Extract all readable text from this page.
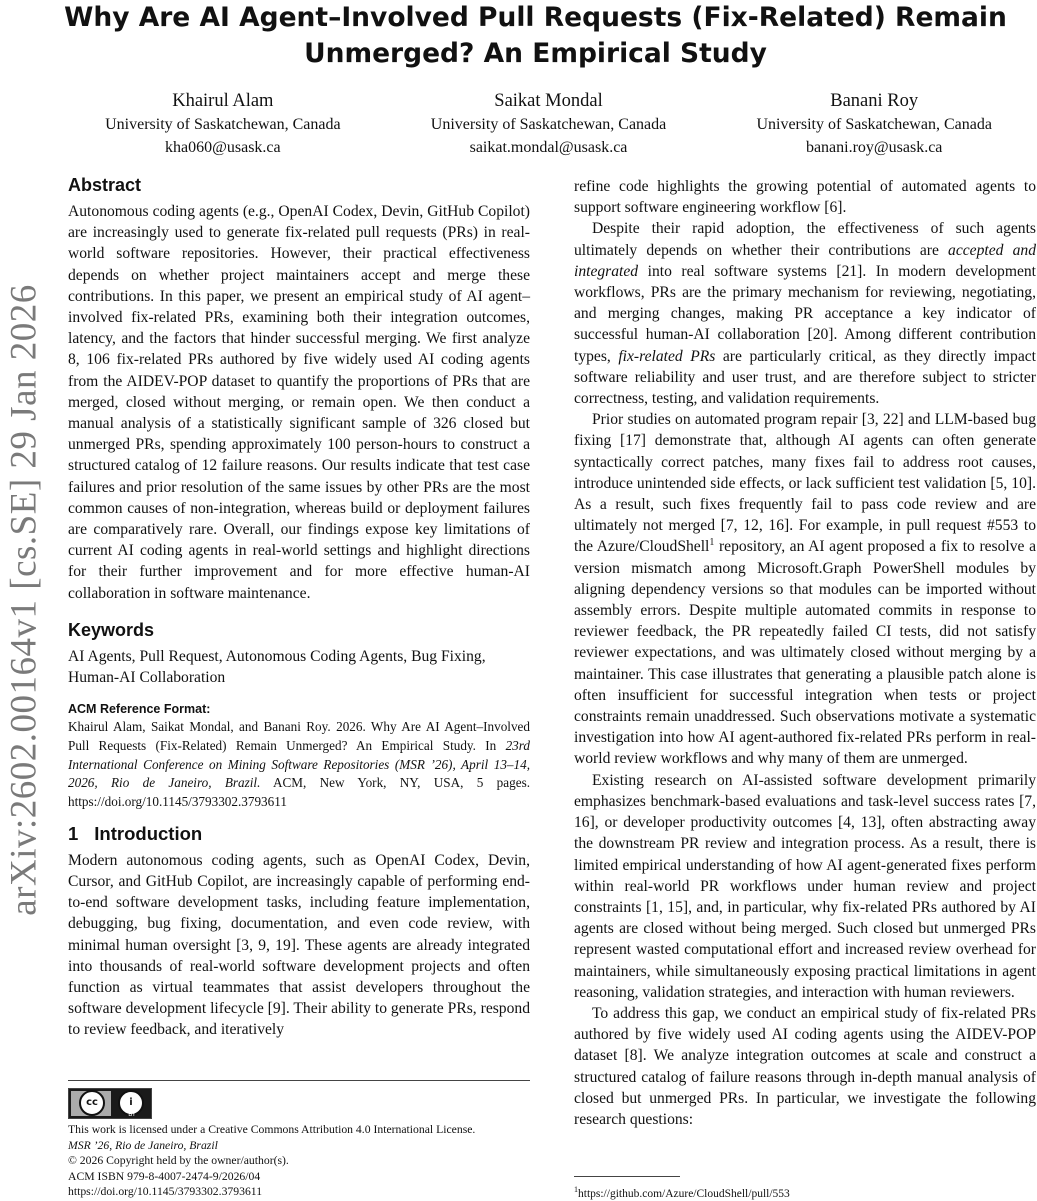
arXiv:2602.00164v1 [cs.SE] 29 Jan 2026
Why Are AI Agent–Involved Pull Requests (Fix-Related) Remain Unmerged? An Empirical Study
Khairul Alam
University of Saskatchewan, Canada
kha060@usask.ca
Saikat Mondal
University of Saskatchewan, Canada
saikat.mondal@usask.ca
Banani Roy
University of Saskatchewan, Canada
banani.roy@usask.ca
Abstract

Autonomous coding agents (e.g., OpenAI Codex, Devin, GitHub Copilot) are increasingly used to generate fix-related pull requests (PRs) in real-world software repositories. However, their practical effectiveness depends on whether project maintainers accept and merge these contributions. In this paper, we present an empirical study of AI agent–involved fix-related PRs, examining both their integration outcomes, latency, and the factors that hinder successful merging. We first analyze 8, 106 fix-related PRs authored by five widely used AI coding agents from the AIDEV-POP dataset to quantify the proportions of PRs that are merged, closed without merging, or remain open. We then conduct a manual analysis of a statistically significant sample of 326 closed but unmerged PRs, spending approximately 100 person-hours to construct a structured catalog of 12 failure reasons. Our results indicate that test case failures and prior resolution of the same issues by other PRs are the most common causes of non-integration, whereas build or deployment failures are comparatively rare. Overall, our findings expose key limitations of current AI coding agents in real-world settings and highlight directions for their further improvement and for more effective human-AI collaboration in software maintenance.

Keywords

AI Agents, Pull Request, Autonomous Coding Agents, Bug Fixing, Human-AI Collaboration

ACM Reference Format:

Khairul Alam, Saikat Mondal, and Banani Roy. 2026. Why Are AI Agent–Involved Pull Requests (Fix-Related) Remain Unmerged? An Empirical Study. In 23rd International Conference on Mining Software Repositories (MSR ’26), April 13–14, 2026, Rio de Janeiro, Brazil. ACM, New York, NY, USA, 5 pages. https://doi.org/10.1145/3793302.3793611

1 Introduction

Modern autonomous coding agents, such as OpenAI Codex, Devin, Cursor, and GitHub Copilot, are increasingly capable of performing end-to-end software development tasks, including feature implementation, debugging, bug fixing, documentation, and even code review, with minimal human oversight [3, 9, 19]. These agents are already integrated into thousands of real-world software development projects and often function as virtual teammates that assist developers throughout the software development lifecycle [9]. Their ability to generate PRs, respond to review feedback, and iteratively

cc	i
BY
This work is licensed under a Creative Commons Attribution 4.0 International License.
MSR ’26, Rio de Janeiro, Brazil
© 2026 Copyright held by the owner/author(s).
ACM ISBN 979-8-4007-2474-9/2026/04
https://doi.org/10.1145/3793302.3793611

refine code highlights the growing potential of automated agents to support software engineering workflow [6].

Despite their rapid adoption, the effectiveness of such agents ultimately depends on whether their contributions are accepted and integrated into real software systems [21]. In modern development workflows, PRs are the primary mechanism for reviewing, negotiating, and merging changes, making PR acceptance a key indicator of successful human-AI collaboration [20]. Among different contribution types, fix-related PRs are particularly critical, as they directly impact software reliability and user trust, and are therefore subject to stricter correctness, testing, and validation requirements.

Prior studies on automated program repair [3, 22] and LLM-based bug fixing [17] demonstrate that, although AI agents can often generate syntactically correct patches, many fixes fail to address root causes, introduce unintended side effects, or lack sufficient test validation [5, 10]. As a result, such fixes frequently fail to pass code review and are ultimately not merged [7, 12, 16]. For example, in pull request #553 to the Azure/CloudShell$^1$ repository, an AI agent proposed a fix to resolve a version mismatch among Microsoft.Graph PowerShell modules by aligning dependency versions so that modules can be imported without assembly errors. Despite multiple automated commits in response to reviewer feedback, the PR repeatedly failed CI tests, did not satisfy reviewer expectations, and was ultimately closed without merging by a maintainer. This case illustrates that generating a plausible patch alone is often insufficient for successful integration when tests or project constraints remain unaddressed. Such observations motivate a systematic investigation into how AI agent-authored fix-related PRs perform in real-world review workflows and why many of them are unmerged.

Existing research on AI-assisted software development primarily emphasizes benchmark-based evaluations and task-level success rates [7, 16], or developer productivity outcomes [4, 13], often abstracting away the downstream PR review and integration process. As a result, there is limited empirical understanding of how AI agent-generated fixes perform within real-world PR workflows under human review and project constraints [1, 15], and, in particular, why fix-related PRs authored by AI agents are closed without being merged. Such closed but unmerged PRs represent wasted computational effort and increased review overhead for maintainers, while simultaneously exposing practical limitations in agent reasoning, validation strategies, and interaction with human reviewers.

To address this gap, we conduct an empirical study of fix-related PRs authored by five widely used AI coding agents using the AIDEV-POP dataset [8]. We analyze integration outcomes at scale and construct a structured catalog of failure reasons through in-depth manual analysis of closed but unmerged PRs. In particular, we investigate the following research questions:

$^1$https://github.com/Azure/CloudShell/pull/553
